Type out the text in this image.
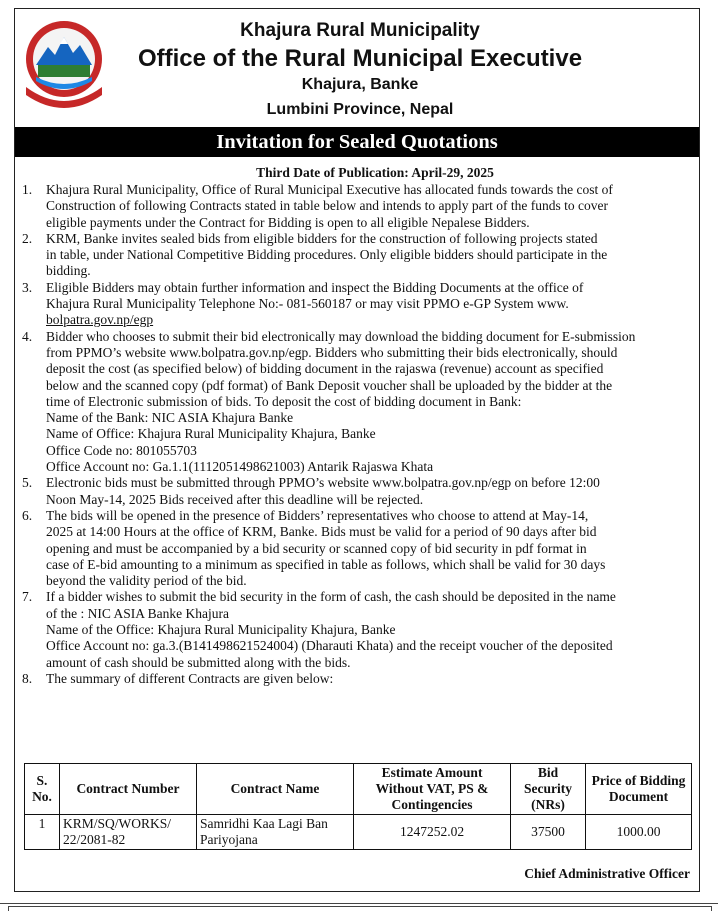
Khajura Rural Municipality
Office of the Rural Municipal Executive
Khajura, Banke
Lumbini Province, Nepal
Invitation for Sealed Quotations
Third Date of Publication: April-29, 2025
1.	Khajura Rural Municipality, Office of Rural Municipal Executive has allocated funds towards the cost of
Construction of following Contracts stated in table below and intends to apply part of the funds to cover
eligible payments under the Contract for Bidding is open to all eligible Nepalese Bidders.
2.	KRM, Banke invites sealed bids from eligible bidders for the construction of following projects stated
in table, under National Competitive Bidding procedures. Only eligible bidders should participate in the
bidding.
3.	Eligible Bidders may obtain further information and inspect the Bidding Documents at the office of
Khajura Rural Municipality Telephone No:- 081-560187 or may visit PPMO e-GP System www.
bolpatra.gov.np/egp
4.	Bidder who chooses to submit their bid electronically may download the bidding document for E-submission
from PPMO’s website www.bolpatra.gov.np/egp. Bidders who submitting their bids electronically, should
deposit the cost (as specified below) of bidding document in the rajaswa (revenue) account as specified
below and the scanned copy (pdf format) of Bank Deposit voucher shall be uploaded by the bidder at the
time of Electronic submission of bids. To deposit the cost of bidding document in Bank:
Name of the Bank: NIC ASIA Khajura Banke
Name of Office: Khajura Rural Municipality Khajura, Banke
Office Code no: 801055703
Office Account no: Ga.1.1(1112051498621003) Antarik Rajaswa Khata
5.	Electronic bids must be submitted through PPMO’s website www.bolpatra.gov.np/egp on before 12:00
Noon May-14, 2025 Bids received after this deadline will be rejected.
6.	The bids will be opened in the presence of Bidders’ representatives who choose to attend at May-14,
2025 at 14:00 Hours at the office of KRM, Banke. Bids must be valid for a period of 90 days after bid
opening and must be accompanied by a bid security or scanned copy of bid security in pdf format in
case of E-bid amounting to a minimum as specified in table as follows, which shall be valid for 30 days
beyond the validity period of the bid.
7.	If a bidder wishes to submit the bid security in the form of cash, the cash should be deposited in the name
of the : NIC ASIA Banke Khajura
Name of the Office: Khajura Rural Municipality Khajura, Banke
Office Account no: ga.3.(B141498621524004) (Dharauti Khata) and the receipt voucher of the deposited
amount of cash should be submitted along with the bids.
8.	The summary of different Contracts are given below:
S. No.	Contract Number	Contract Name	Estimate Amount Without VAT, PS & Contingencies	Bid Security (NRs)	Price of Bidding Document
1	KRM/SQ/WORKS/ 22/2081-82	Samridhi Kaa Lagi Ban Pariyojana	1247252.02	37500	1000.00
Chief Administrative Officer
